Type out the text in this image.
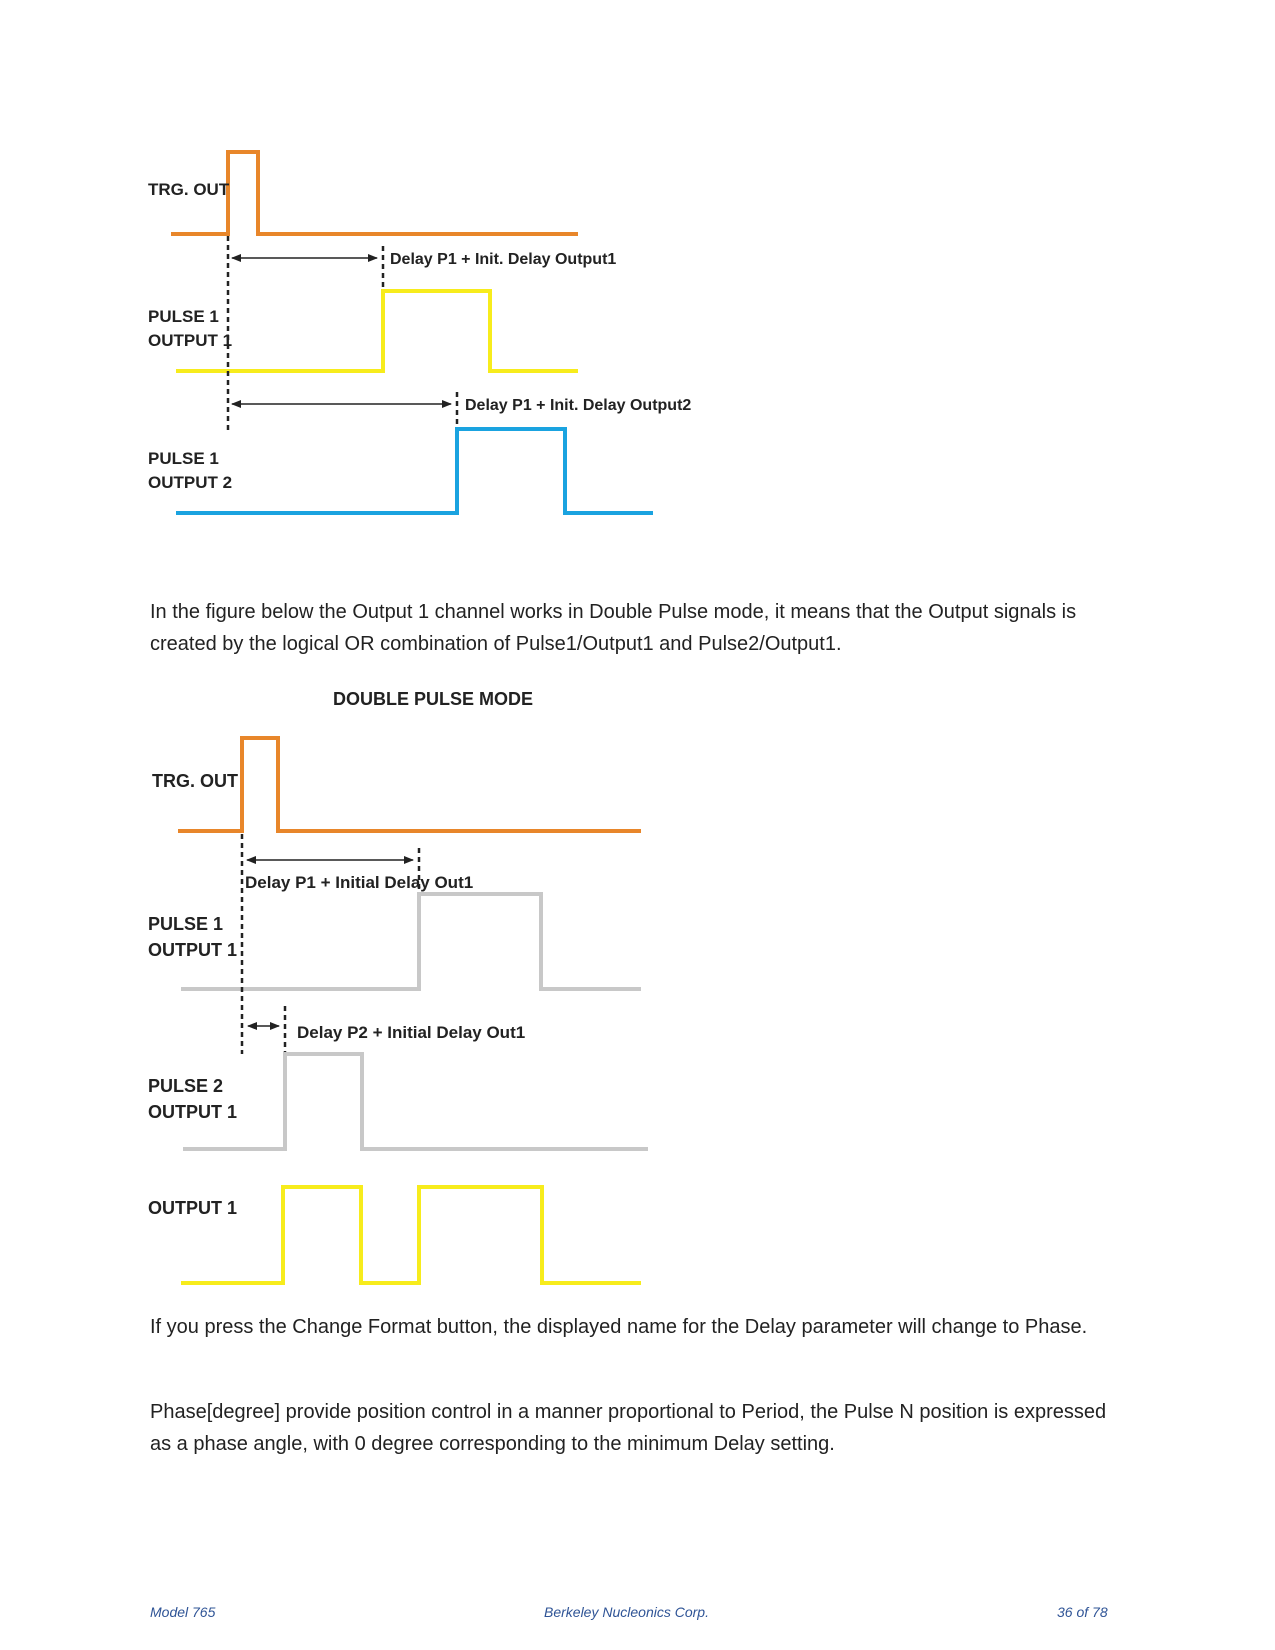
TRG. OUT
PULSE 1
OUTPUT 1
PULSE 1
OUTPUT 2
Delay P1 + Init. Delay Output1
Delay P1 + Init. Delay Output2

In the figure below the Output 1 channel works in Double Pulse mode, it means that the Output signals is created by the logical OR combination of Pulse1/Output1 and Pulse2/Output1.

DOUBLE PULSE MODE
TRG. OUT
Delay P1 + Initial Delay Out1
PULSE 1
OUTPUT 1
Delay P2 + Initial Delay Out1
PULSE 2
OUTPUT 1
OUTPUT 1

If you press the Change Format button, the displayed name for the Delay parameter will change to Phase.

Phase[degree] provide position control in a manner proportional to Period, the Pulse N position is expressed as a phase angle, with 0 degree corresponding to the minimum Delay setting.

Model 765	Berkeley Nucleonics Corp.	36 of 78
